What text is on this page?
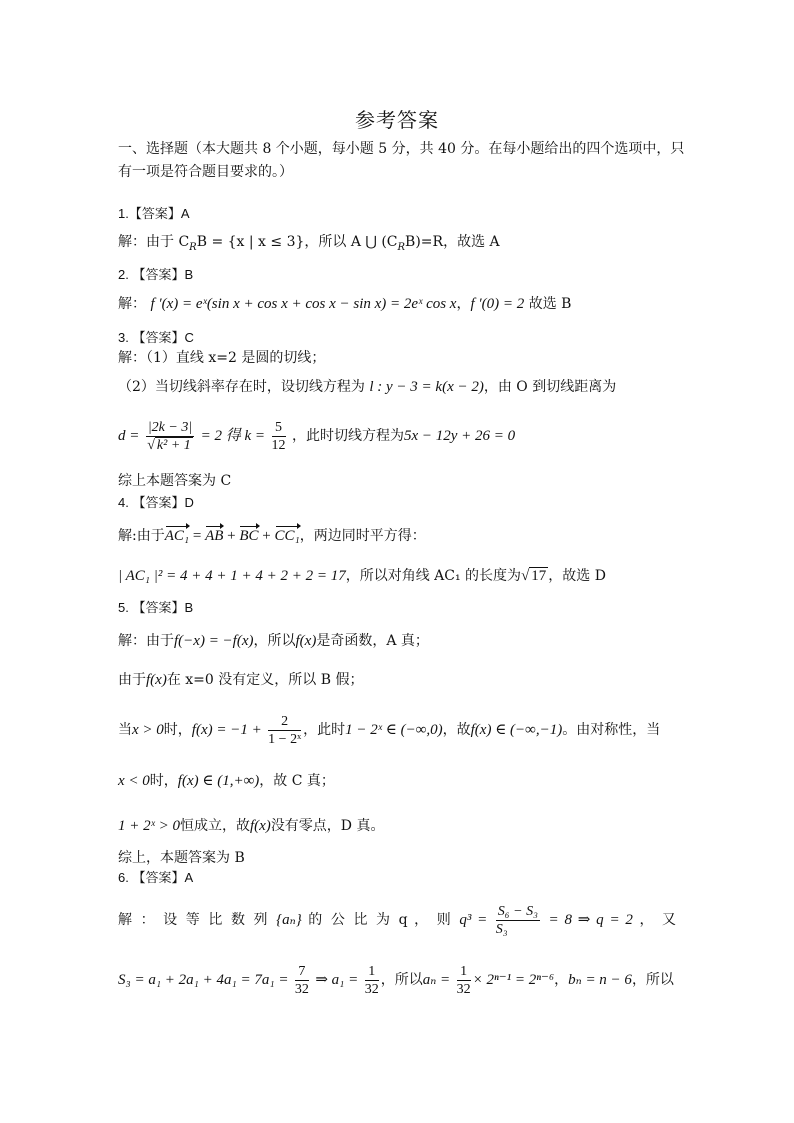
参考答案
一、选择题（本大题共 8 个小题，每小题 5 分，共 40 分。在每小题给出的四个选项中，只
有一项是符合题目要求的。）
1.【答案】A
解：由于 $C_RB = \{x$ | x ≤ 3}，所以 A ⋃ $(C_RB)=R$，故选 A
2. 【答案】B
解： f ′(x) = eˣ(sin x + cos x + cos x − sin x) = 2eˣ cos x，f ′(0) = 2 故选 B
3. 【答案】C
解：（1）直线 x=2 是圆的切线；
（2）当切线斜率存在时，设切线方程为 l : y − 3 = k(x − 2)，由 O 到切线距离为
$d = \frac{|2k - 3|}{\text{√ k² + 1}} = 2$ 得 $k = \frac{5}{12}$ ，此时切线方程为5x − 12y + 26 = 0
综上本题答案为 C
4. 【答案】D
解:由于AC₁ = AB + BC + CC₁，两边同时平方得：
| AC₁ |² = 4 + 4 + 1 + 4 + 2 + 2 = 17，所以对角线 AC₁ 的长度为√ 17 ，故选 D
5. 【答案】B
解：由于f(−x) = −f(x)，所以f(x)是奇函数，A 真；
由于f(x)在 x=0 没有定义，所以 B 假；
当x > 0时，$f(x) = -1 + \frac{2}{\text{1 − 2ˣ}}$ ，此时1 − 2ˣ ∈ (−∞,0)，故f(x) ∈ (−∞,−1)。由对称性，当
x < 0时，f(x) ∈ (1,+∞)，故 C 真；
1 + 2ˣ > 0恒成立，故f(x)没有零点，D 真。
综上，本题答案为 B
6. 【答案】A
解 ： 设 等 比 数 列 {aₙ} 的 公 比 为 q ， 则 $q^3 = \frac{\text{S₆ − S₃}}{\text{S₃}} = 8$ ⇒ q = 2 ， 又
$S_3 = a_1 + 2a_1 + 4a_1 = 7a_1 = \frac{7}{32}$ ⇒ $a_1 = \frac{1}{32}$ ，所以$a_n = \frac{1}{32} \times 2^{n-1} = 2^{n-6}$，bₙ = n − 6，所以
